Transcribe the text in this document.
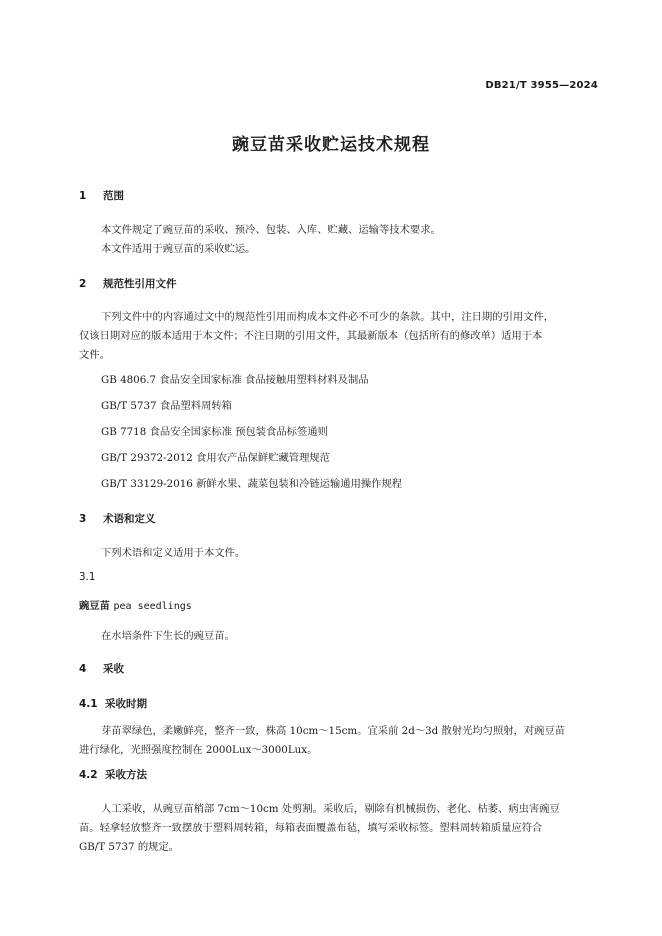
DB21/T 3955—2024
豌豆苗采收贮运技术规程
1 范围
本文件规定了豌豆苗的采收、预冷、包装、入库、贮藏、运输等技术要求。
本文件适用于豌豆苗的采收贮运。
2 规范性引用文件
下列文件中的内容通过文中的规范性引用而构成本文件必不可少的条款。其中，注日期的引用文件，
仅该日期对应的版本适用于本文件；不注日期的引用文件，其最新版本（包括所有的修改单）适用于本
文件。
GB 4806.7 食品安全国家标准 食品接触用塑料材料及制品
GB/T 5737 食品塑料周转箱
GB 7718 食品安全国家标准 预包装食品标签通则
GB/T 29372-2012 食用农产品保鲜贮藏管理规范
GB/T 33129-2016 新鲜水果、蔬菜包装和冷链运输通用操作规程
3 术语和定义
下列术语和定义适用于本文件。
3.1
豌豆苗 pea seedlings
在水培条件下生长的豌豆苗。
4 采收
4.1 采收时期
芽苗翠绿色，柔嫩鲜亮，整齐一致，株高 10cm～15cm。宜采前 2d～3d 散射光均匀照射，对豌豆苗
进行绿化，光照强度控制在 2000Lux～3000Lux。
4.2 采收方法
人工采收，从豌豆苗梢部 7cm～10cm 处剪割。采收后，剔除有机械损伤、老化、枯萎、病虫害豌豆
苗。轻拿轻放整齐一致摆放于塑料周转箱，每箱表面覆盖布毡，填写采收标签。塑料周转箱质量应符合
GB/T 5737 的规定。
